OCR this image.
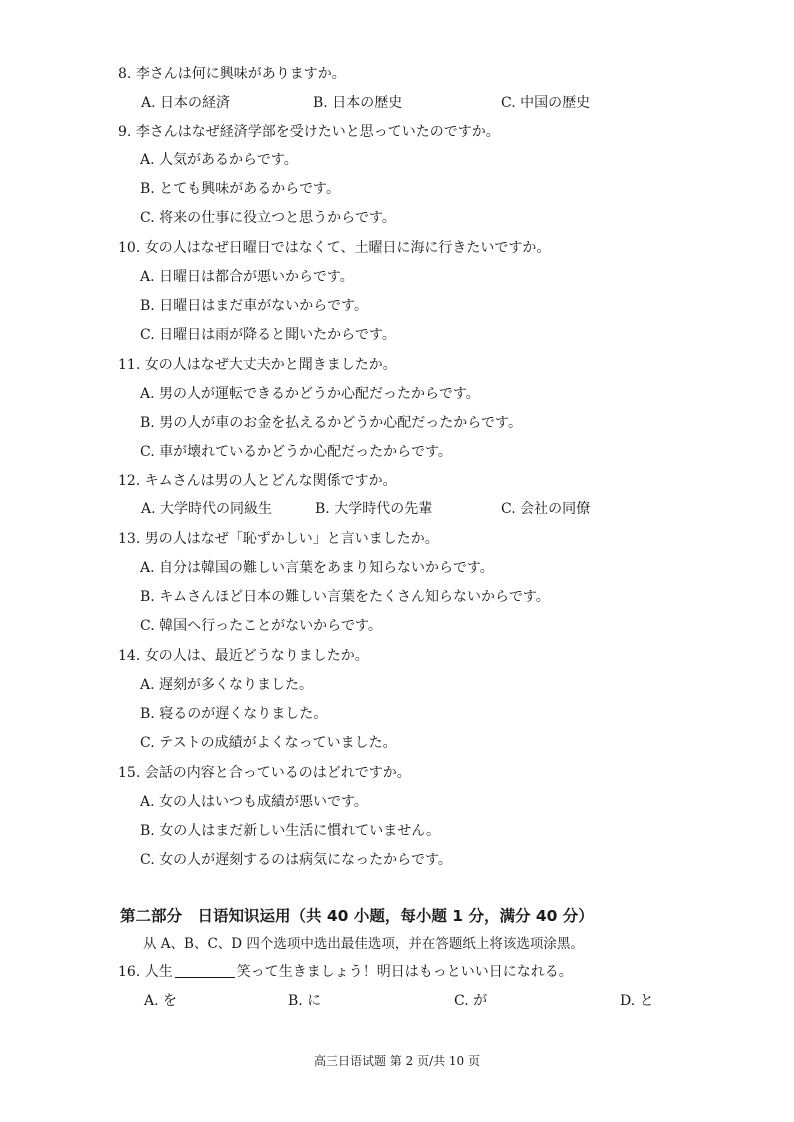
8. 李さんは何に興味がありますか。
A. 日本の経済	B. 日本の歴史	C. 中国の歴史
9. 李さんはなぜ経済学部を受けたいと思っていたのですか。
A. 人気があるからです。
B. とても興味があるからです。
C. 将来の仕事に役立つと思うからです。
10. 女の人はなぜ日曜日ではなくて、土曜日に海に行きたいですか。
A. 日曜日は都合が悪いからです。
B. 日曜日はまだ車がないからです。
C. 日曜日は雨が降ると聞いたからです。
11. 女の人はなぜ大丈夫かと聞きましたか。
A. 男の人が運転できるかどうか心配だったからです。
B. 男の人が車のお金を払えるかどうか心配だったからです。
C. 車が壊れているかどうか心配だったからです。
12. キムさんは男の人とどんな関係ですか。
A. 大学時代の同級生	B. 大学時代の先輩	C. 会社の同僚
13. 男の人はなぜ「恥ずかしい」と言いましたか。
A. 自分は韓国の難しい言葉をあまり知らないからです。
B. キムさんほど日本の難しい言葉をたくさん知らないからです。
C. 韓国へ行ったことがないからです。
14. 女の人は、最近どうなりましたか。
A. 遅刻が多くなりました。
B. 寝るのが遅くなりました。
C. テストの成績がよくなっていました。
15. 会話の内容と合っているのはどれですか。
A. 女の人はいつも成績が悪いです。
B. 女の人はまだ新しい生活に慣れていません。
C. 女の人が遅刻するのは病気になったからです。
第二部分　日语知识运用（共 40 小题，每小题 1 分，满分 40 分）
从 A、B、C、D 四个选项中选出最佳选项，并在答题纸上将该选项涂黑。
16. 人生	笑って生きましょう！明日はもっといい日になれる。
A. を	B. に	C. が	D. と
高三日语试题 第 2 页/共 10 页
